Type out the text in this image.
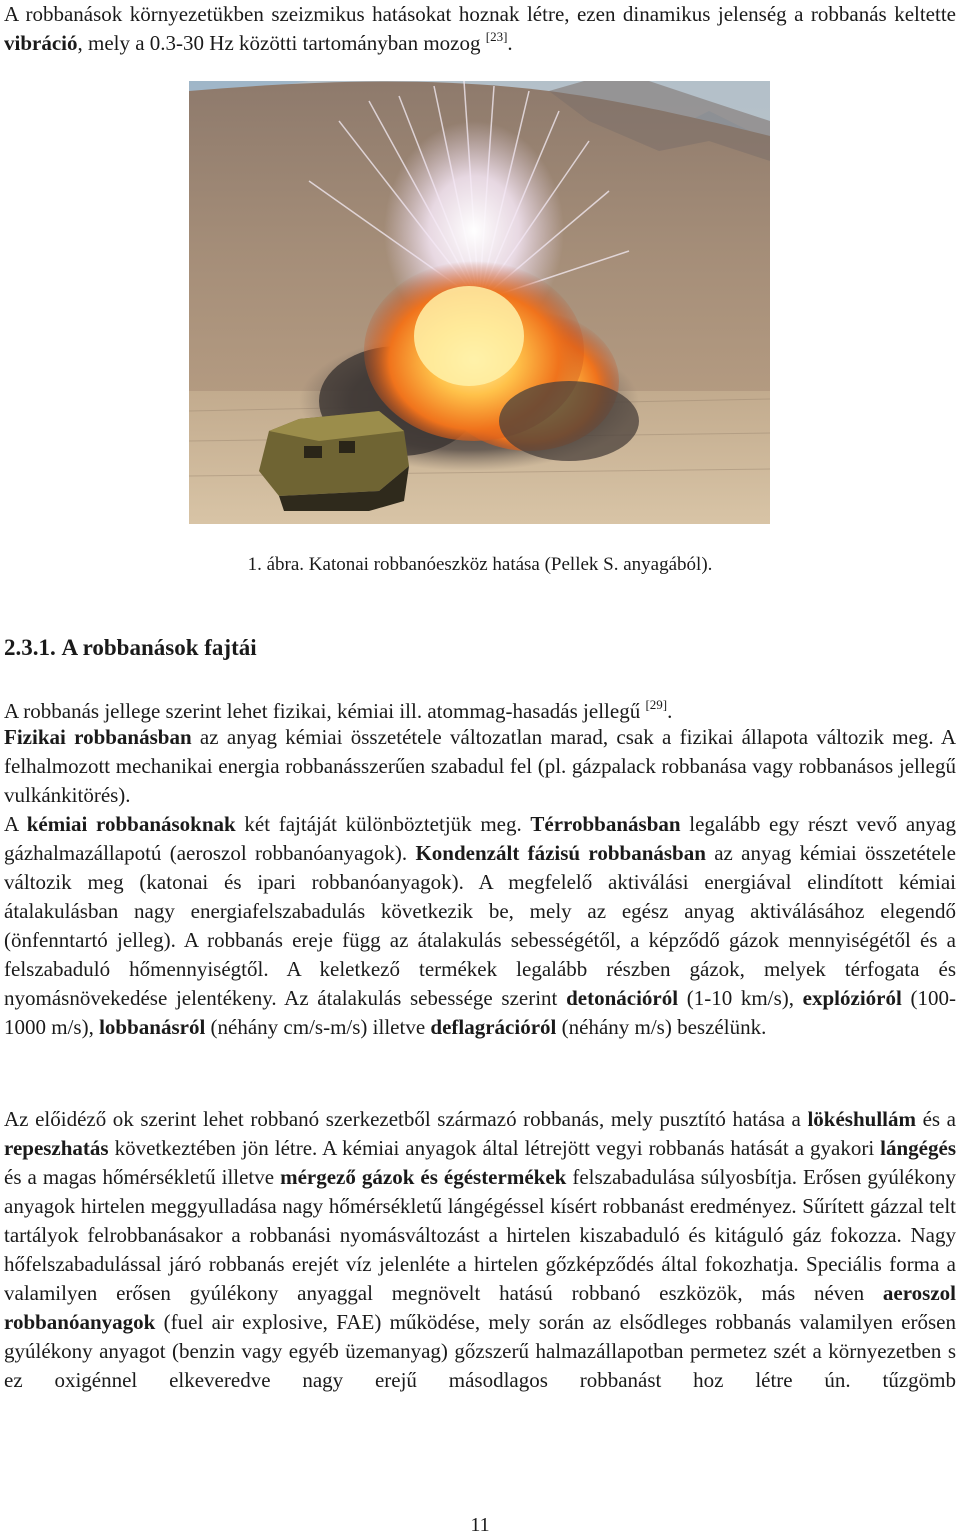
A robbanások környezetükben szeizmikus hatásokat hoznak létre, ezen dinamikus jelenség a robbanás keltette vibráció, mely a 0.3-30 Hz közötti tartományban mozog [23].
1. ábra. Katonai robbanóeszköz hatása (Pellek S. anyagából).
2.3.1. A robbanások fajtái
A robbanás jellege szerint lehet fizikai, kémiai ill. atommag-hasadás jellegű [29].
Fizikai robbanásban az anyag kémiai összetétele változatlan marad, csak a fizikai állapota változik meg. A felhalmozott mechanikai energia robbanásszerűen szabadul fel (pl. gázpalack robbanása vagy robbanásos jellegű vulkánkitörés).
A kémiai robbanásoknak két fajtáját különböztetjük meg. Térrobbanásban legalább egy részt vevő anyag gázhalmazállapotú (aeroszol robbanóanyagok). Kondenzált fázisú robbanásban az anyag kémiai összetétele változik meg (katonai és ipari robbanóanyagok). A megfelelő aktiválási energiával elindított kémiai átalakulásban nagy energiafelszabadulás következik be, mely az egész anyag aktiválásához elegendő (önfenntartó jelleg). A robbanás ereje függ az átalakulás sebességétől, a képződő gázok mennyiségétől és a felszabaduló hőmennyiségtől. A keletkező termékek legalább részben gázok, melyek térfogata és nyomásnövekedése jelentékeny. Az átalakulás sebessége szerint detonációról (1-10 km/s), explózióról (100-1000 m/s), lobbanásról (néhány cm/s-m/s) illetve deflagrációról (néhány m/s) beszélünk.
Az előidéző ok szerint lehet robbanó szerkezetből származó robbanás, mely pusztító hatása a lökéshullám és a repeszhatás következtében jön létre. A kémiai anyagok által létrejött vegyi robbanás hatását a gyakori lángégés és a magas hőmérsékletű illetve mérgező gázok és égéstermékek felszabadulása súlyosbítja. Erősen gyúlékony anyagok hirtelen meggyulladása nagy hőmérsékletű lángégéssel kísért robbanást eredményez. Sűrített gázzal telt tartályok felrobbanásakor a robbanási nyomásváltozást a hirtelen kiszabaduló és kitáguló gáz fokozza. Nagy hőfelszabadulással járó robbanás erejét víz jelenléte a hirtelen gőzképződés által fokozhatja. Speciális forma a valamilyen erősen gyúlékony anyaggal megnövelt hatású robbanó eszközök, más néven aeroszol robbanóanyagok (fuel air explosive, FAE) működése, mely során az elsődleges robbanás valamilyen erősen gyúlékony anyagot (benzin vagy egyéb üzemanyag) gőzszerű halmazállapotban permetez szét a környezetben s ez oxigénnel elkeveredve nagy erejű másodlagos robbanást hoz létre ún. tűzgömb
11
